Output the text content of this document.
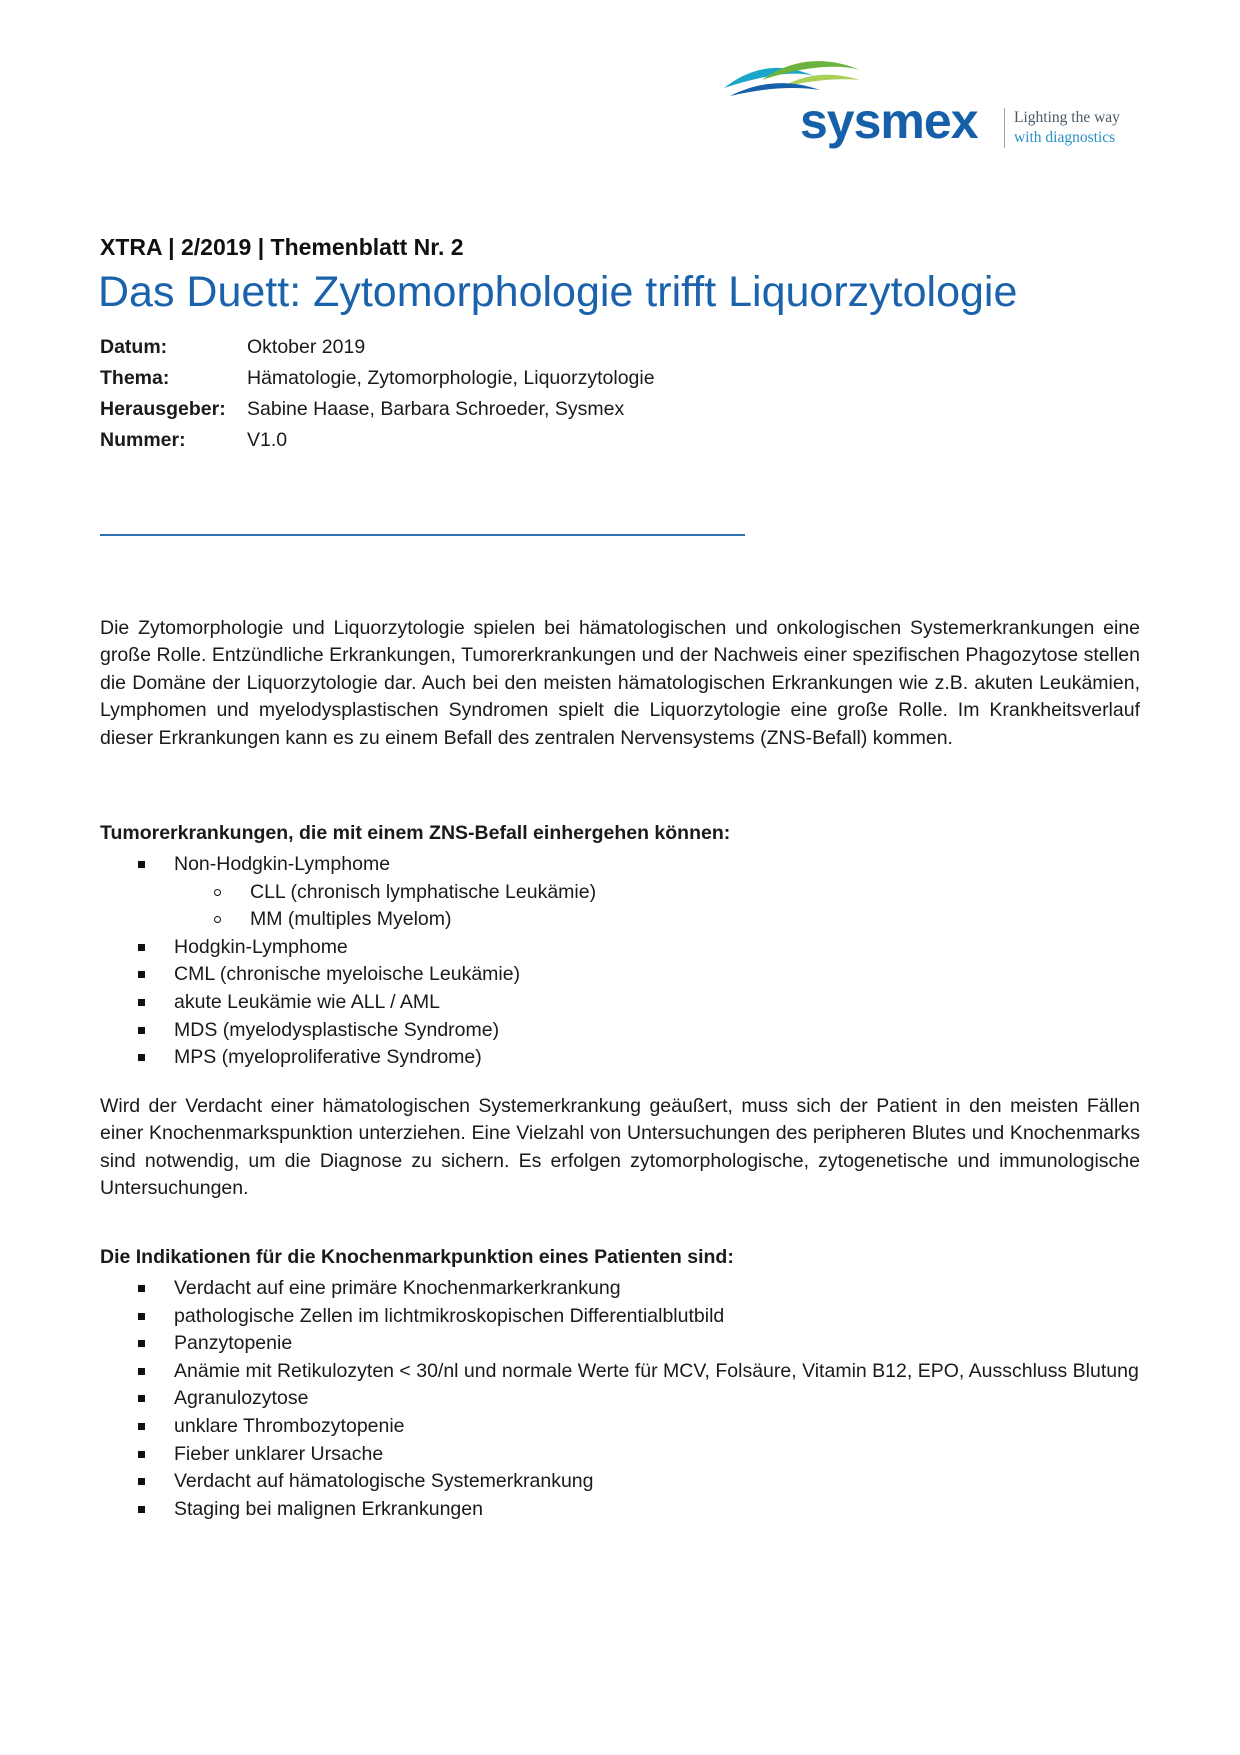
sysmex Lighting the way
with diagnostics
XTRA | 2/2019 | Themenblatt Nr. 2
Das Duett: Zytomorphologie trifft Liquorzytologie
Datum:	Oktober 2019
Thema:	Hämatologie, Zytomorphologie, Liquorzytologie
Herausgeber:	Sabine Haase, Barbara Schroeder, Sysmex
Nummer:	V1.0

Die Zytomorphologie und Liquorzytologie spielen bei hämatologischen und onkologischen Systemerkrankungen eine große Rolle. Entzündliche Erkrankungen, Tumorerkrankungen und der Nachweis einer spezifischen Phagozytose stellen die Domäne der Liquorzytologie dar. Auch bei den meisten hämatologischen Erkrankungen wie z.B. akuten Leukämien, Lymphomen und myelodysplastischen Syndromen spielt die Liquorzytologie eine große Rolle. Im Krankheitsverlauf dieser Erkrankungen kann es zu einem Befall des zentralen Nervensystems (ZNS-Befall) kommen.

Tumorerkrankungen, die mit einem ZNS-Befall einhergehen können:

Non-Hodgkin-Lymphome
CLL (chronisch lymphatische Leukämie)
MM (multiples Myelom)
Hodgkin-Lymphome
CML (chronische myeloische Leukämie)
akute Leukämie wie ALL / AML
MDS (myelodysplastische Syndrome)
MPS (myeloproliferative Syndrome)

Wird der Verdacht einer hämatologischen Systemerkrankung geäußert, muss sich der Patient in den meisten Fällen einer Knochenmarkspunktion unterziehen. Eine Vielzahl von Untersuchungen des peripheren Blutes und Knochenmarks sind notwendig, um die Diagnose zu sichern. Es erfolgen zytomorphologische, zytogenetische und immunologische Untersuchungen.

Die Indikationen für die Knochenmarkpunktion eines Patienten sind:

Verdacht auf eine primäre Knochenmarkerkrankung
pathologische Zellen im lichtmikroskopischen Differentialblutbild
Panzytopenie
Anämie mit Retikulozyten < 30/nl und normale Werte für MCV, Folsäure, Vitamin B12, EPO, Ausschluss Blutung
Agranulozytose
unklare Thrombozytopenie
Fieber unklarer Ursache
Verdacht auf hämatologische Systemerkrankung
Staging bei malignen Erkrankungen
